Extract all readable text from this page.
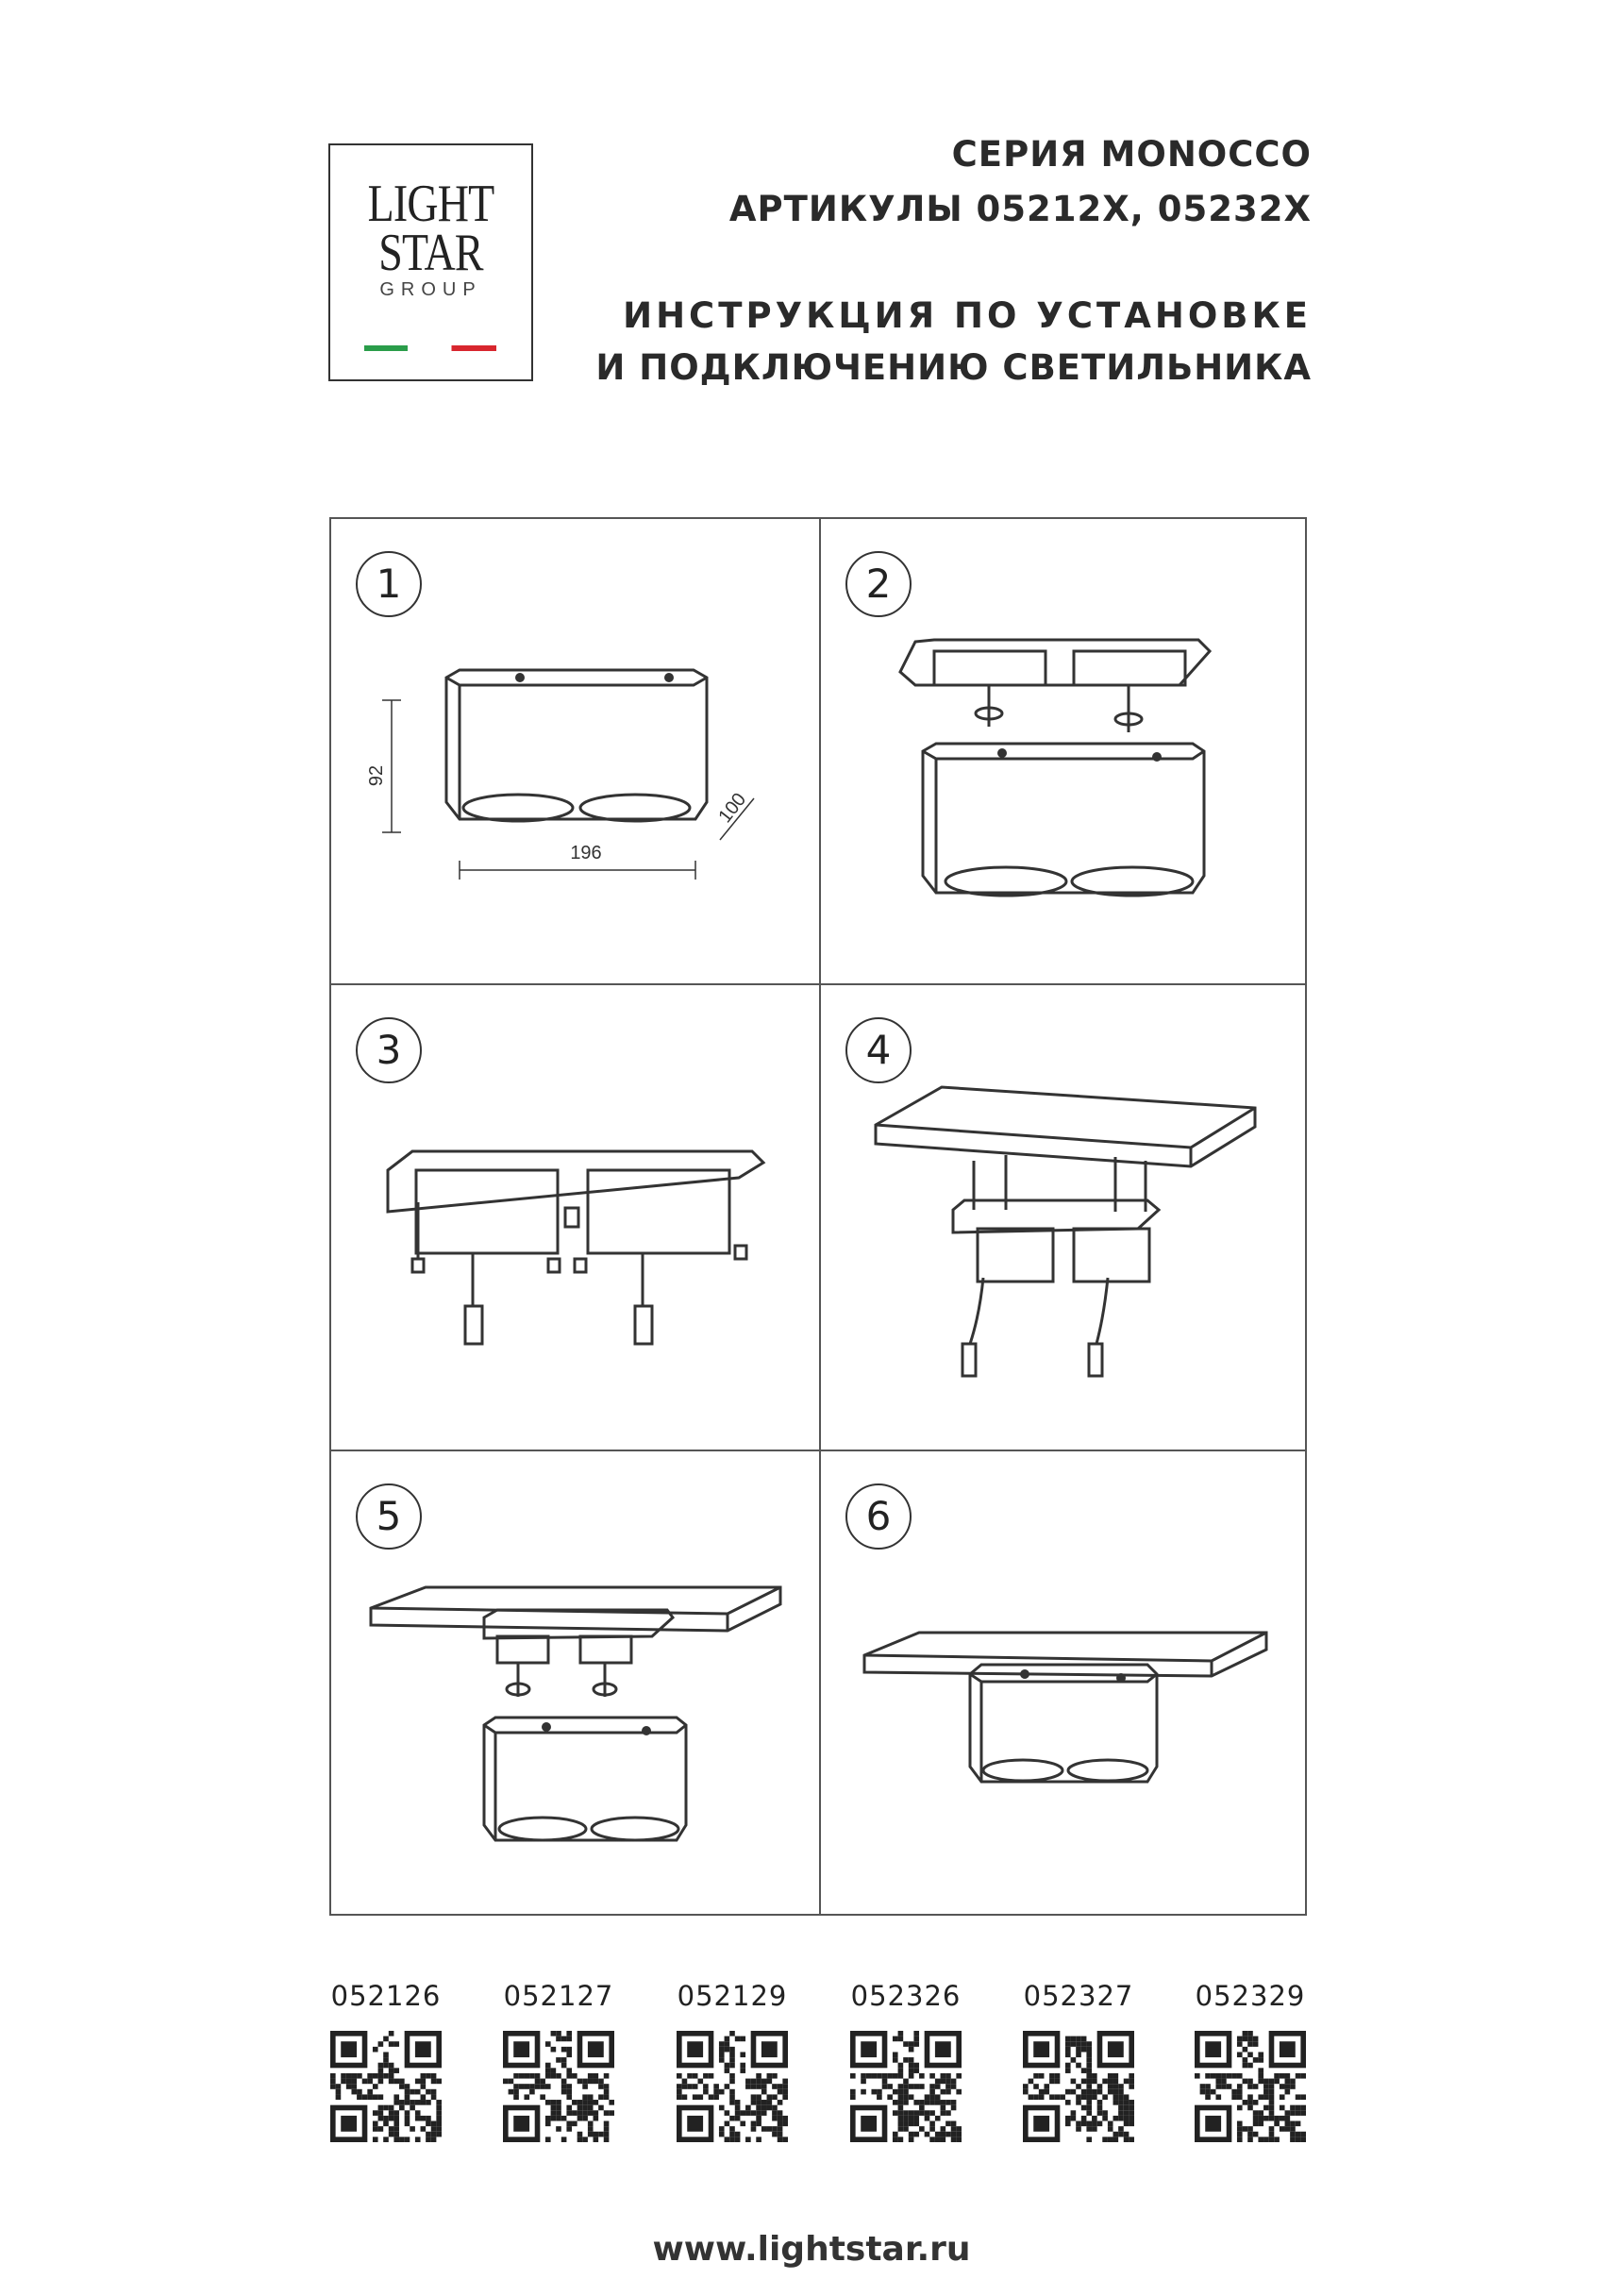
LIGHT
STAR
GROUP
СЕРИЯ MONOCCO
АРТИКУЛЫ 05212X, 05232X
ИНСТРУКЦИЯ ПО УСТАНОВКЕ
И ПОДКЛЮЧЕНИЮ СВЕТИЛЬНИКА
92
100
196
1	2
3	4
5	6
052126 052127 052129 052326 052327 052329
www.lightstar.ru
